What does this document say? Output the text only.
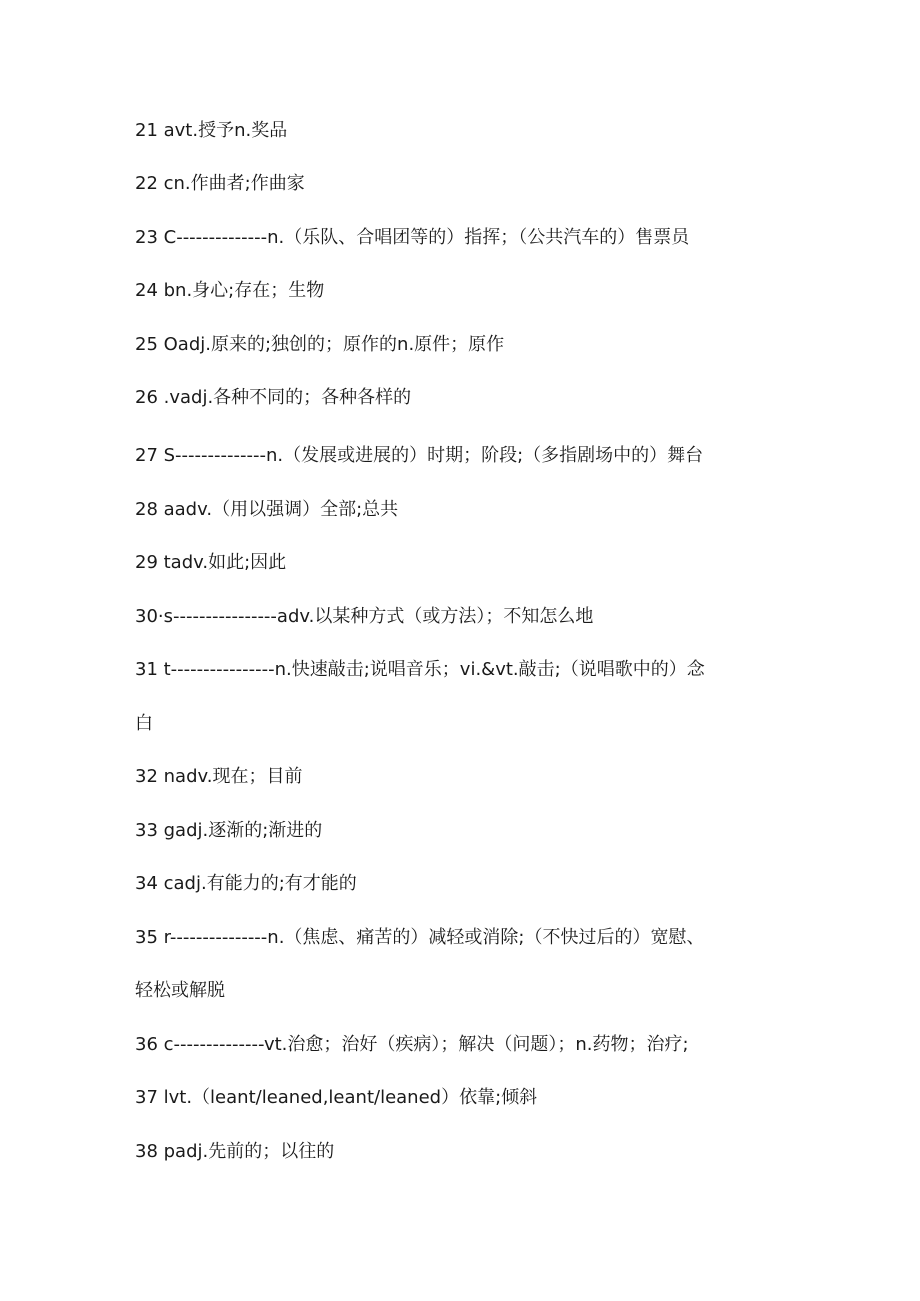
21 avt.授予n.奖品
22 cn.作曲者;作曲家
23 C--------------n.（乐队、合唱团等的）指挥；（公共汽车的）售票员
24 bn.身心;存在；生物
25 Oadj.原来的;独创的；原作的n.原件；原作
26 .vadj.各种不同的；各种各样的
27 S--------------n.（发展或进展的）时期；阶段;（多指剧场中的）舞台
28 aadv.（用以强调）全部;总共
29 tadv.如此;因此
30·s----------------adv.以某种方式（或方法）；不知怎么地
31 t----------------n.快速敲击;说唱音乐；vi.&vt.敲击;（说唱歌中的）念
白
32 nadv.现在；目前
33 gadj.逐渐的;渐进的
34 cadj.有能力的;有才能的
35 r---------------n.（焦虑、痛苦的）减轻或消除;（不快过后的）宽慰、
轻松或解脱
36 c--------------vt.治愈；治好（疾病）；解决（问题）；n.药物；治疗;
37 lvt.（leant/leaned,leant/leaned）依靠;倾斜
38 padj.先前的；以往的
